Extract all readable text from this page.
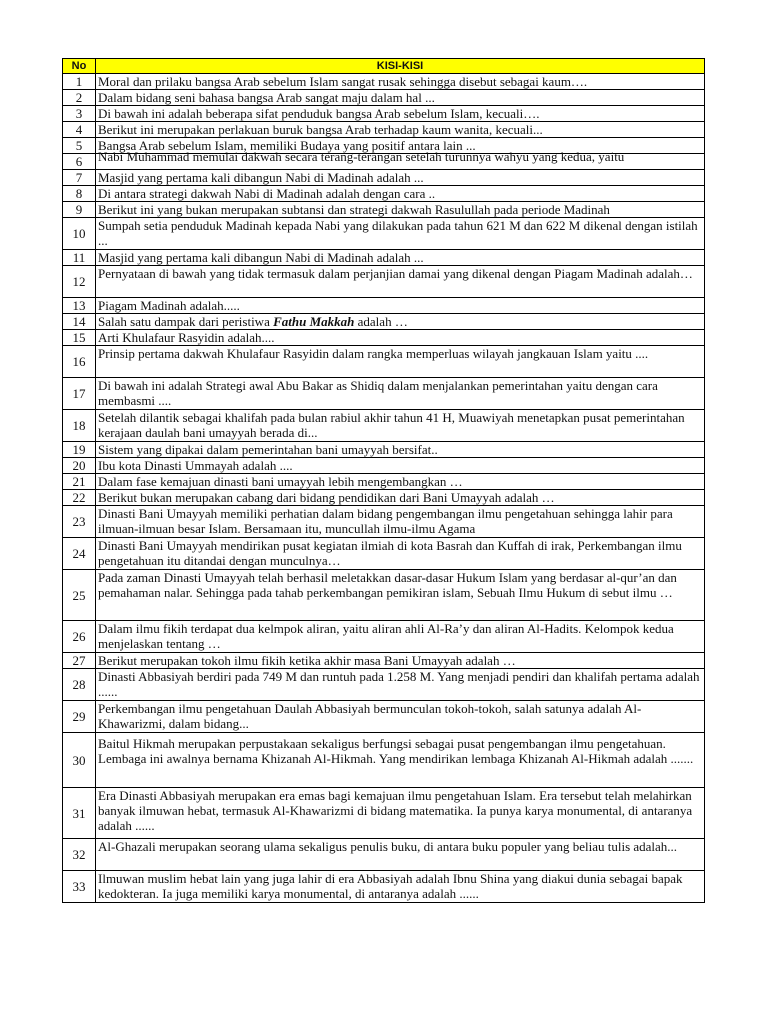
No	KISI-KISI
1	Moral dan prilaku bangsa Arab sebelum Islam sangat rusak sehingga disebut sebagai kaum….
2	Dalam bidang seni bahasa bangsa Arab sangat maju dalam hal ...
3	Di bawah ini adalah beberapa sifat penduduk bangsa Arab sebelum Islam, kecuali….
4	Berikut ini merupakan perlakuan buruk bangsa Arab terhadap kaum wanita, kecuali...
5	Bangsa Arab sebelum Islam, memiliki Budaya yang positif antara lain ...
6	Nabi Muhammad memulai dakwah secara terang-terangan setelah turunnya wahyu yang kedua, yaitu

7	Masjid yang pertama kali dibangun Nabi di Madinah adalah ...
8	Di antara strategi dakwah Nabi di Madinah adalah dengan cara ..
9	Berikut ini yang bukan merupakan subtansi dan strategi dakwah Rasulullah pada periode Madinah
10	Sumpah setia penduduk Madinah kepada Nabi yang dilakukan pada tahun 621 M dan 622 M dikenal dengan istilah ...
11	Masjid yang pertama kali dibangun Nabi di Madinah adalah ...
12	Pernyataan di bawah yang tidak termasuk dalam perjanjian damai yang dikenal dengan Piagam Madinah adalah…
13	Piagam Madinah adalah.....
14	Salah satu dampak dari peristiwa Fathu Makkah adalah …
15	Arti Khulafaur Rasyidin adalah....
16	Prinsip pertama dakwah Khulafaur Rasyidin dalam rangka memperluas wilayah jangkauan Islam yaitu ....
17	Di bawah ini adalah Strategi awal Abu Bakar as Shidiq dalam menjalankan pemerintahan yaitu dengan cara membasmi ....
18	Setelah dilantik sebagai khalifah pada bulan rabiul akhir tahun 41 H, Muawiyah menetapkan pusat pemerintahan kerajaan daulah bani umayyah berada di...
19	Sistem yang dipakai dalam pemerintahan bani umayyah bersifat..
20	Ibu kota Dinasti Ummayah adalah ....
21	Dalam fase kemajuan dinasti bani umayyah lebih mengembangkan …
22	Berikut bukan merupakan cabang dari bidang pendidikan dari Bani Umayyah adalah …
23	Dinasti Bani Umayyah memiliki perhatian dalam bidang pengembangan ilmu pengetahuan sehingga lahir para ilmuan-ilmuan besar Islam. Bersamaan itu, muncullah ilmu-ilmu Agama
24	Dinasti Bani Umayyah mendirikan pusat kegiatan ilmiah di kota Basrah dan Kuffah di irak, Perkembangan ilmu pengetahuan itu ditandai dengan munculnya…
25	Pada zaman Dinasti Umayyah telah berhasil meletakkan dasar-dasar Hukum Islam yang berdasar al-qur’an dan pemahaman nalar. Sehingga pada tahab perkembangan pemikiran islam, Sebuah Ilmu Hukum di sebut ilmu …
26	Dalam ilmu fikih terdapat dua kelmpok aliran, yaitu aliran ahli Al-Ra’y dan aliran Al-Hadits. Kelompok kedua menjelaskan tentang …
27	Berikut merupakan tokoh ilmu fikih ketika akhir masa Bani Umayyah adalah …
28	Dinasti Abbasiyah berdiri pada 749 M dan runtuh pada 1.258 M. Yang menjadi pendiri dan khalifah pertama adalah ......
29	Perkembangan ilmu pengetahuan Daulah Abbasiyah bermunculan tokoh-tokoh, salah satunya adalah Al-Khawarizmi, dalam bidang...
30	Baitul Hikmah merupakan perpustakaan sekaligus berfungsi sebagai pusat pengembangan ilmu pengetahuan. Lembaga ini awalnya bernama Khizanah Al-Hikmah. Yang mendirikan lembaga Khizanah Al-Hikmah adalah .......
31	Era Dinasti Abbasiyah merupakan era emas bagi kemajuan ilmu pengetahuan Islam. Era tersebut telah melahirkan banyak ilmuwan hebat, termasuk Al-Khawarizmi di bidang matematika. Ia punya karya monumental, di antaranya adalah ......
32	Al-Ghazali merupakan seorang ulama sekaligus penulis buku, di antara buku populer yang beliau tulis adalah...
33	Ilmuwan muslim hebat lain yang juga lahir di era Abbasiyah adalah Ibnu Shina yang diakui dunia sebagai bapak kedokteran. Ia juga memiliki karya monumental, di antaranya adalah ......
